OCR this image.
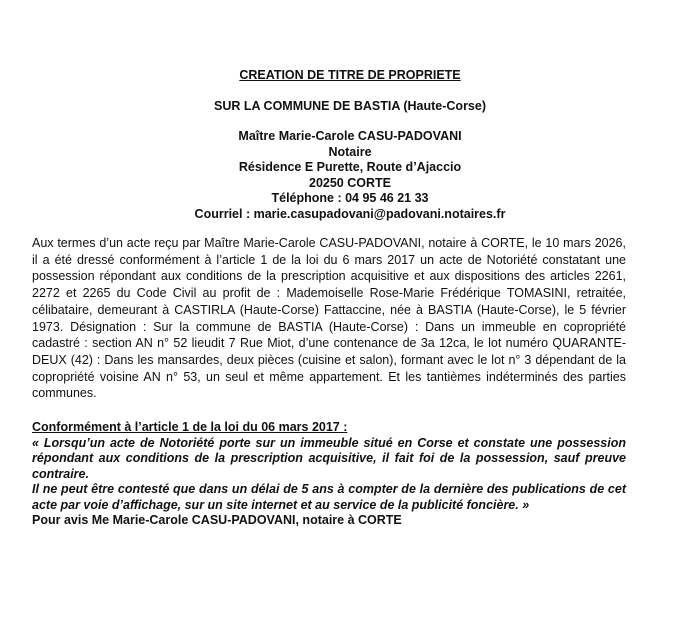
CREATION DE TITRE DE PROPRIETE
SUR LA COMMUNE DE BASTIA (Haute-Corse)
Maître Marie-Carole CASU-PADOVANI
Notaire
Résidence E Purette, Route d’Ajaccio
20250 CORTE
Téléphone : 04 95 46 21 33
Courriel : marie.casupadovani@padovani.notaires.fr
Aux termes d’un acte reçu par Maître Marie-Carole CASU-PADOVANI, notaire à CORTE, le 10 mars 2026, il a été dressé conformément à l’article 1 de la loi du 6 mars 2017 un acte de Notoriété constatant une possession répondant aux conditions de la prescription acquisitive et aux dispositions des articles 2261, 2272 et 2265 du Code Civil au profit de : Mademoiselle Rose-Marie Frédérique TOMASINI, retraitée, célibataire, demeurant à CASTIRLA (Haute-Corse) Fattaccine, née à BASTIA (Haute-Corse), le 5 février 1973. Désignation : Sur la commune de BASTIA (Haute-Corse) : Dans un immeuble en copropriété cadastré : section AN n° 52 lieudit 7 Rue Miot, d’une contenance de 3a 12ca, le lot numéro QUARANTE-DEUX (42) : Dans les mansardes, deux pièces (cuisine et salon), formant avec le lot n° 3 dépendant de la copropriété voisine AN n° 53, un seul et même appartement. Et les tantièmes indéterminés des parties communes.
Conformément à l’article 1 de la loi du 06 mars 2017 :
« Lorsqu’un acte de Notoriété porte sur un immeuble situé en Corse et constate une possession répondant aux conditions de la prescription acquisitive, il fait foi de la possession, sauf preuve contraire.
Il ne peut être contesté que dans un délai de 5 ans à compter de la dernière des publications de cet acte par voie d’affichage, sur un site internet et au service de la publicité foncière. »
Pour avis Me Marie-Carole CASU-PADOVANI, notaire à CORTE
